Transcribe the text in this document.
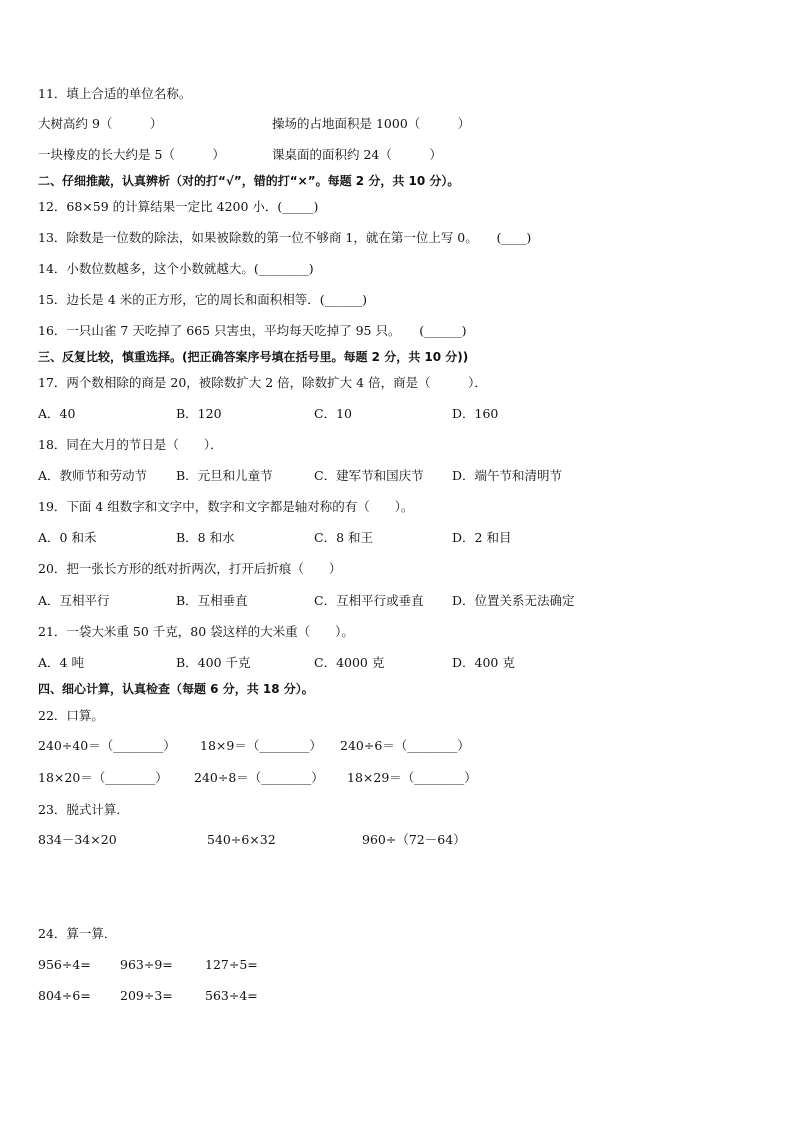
11．填上合适的单位名称。
大树高约 9（　　　）	操场的占地面积是 1000（　　　）
一块橡皮的长大约是 5（　　　）	课桌面的面积约 24（　　　）
二、仔细推敲，认真辨析（对的打“√”，错的打“×”。每题 2 分，共 10 分）。
12．68×59 的计算结果一定比 4200 小．(_____)
13．除数是一位数的除法，如果被除数的第一位不够商 1，就在第一位上写 0。　　(____)
14．小数位数越多，这个小数就越大。(________)
15．边长是 4 米的正方形，它的周长和面积相等．(______)
16．一只山雀 7 天吃掉了 665 只害虫，平均每天吃掉了 95 只。　　(______)
三、反复比较，慎重选择。(把正确答案序号填在括号里。每题 2 分，共 10 分))
17．两个数相除的商是 20，被除数扩大 2 倍，除数扩大 4 倍，商是（　　　）．
A．40	B．120	C．10	D．160
18．同在大月的节日是（　　）．
A．教师节和劳动节 B．元旦和儿童节	C．建军节和国庆节 D．端午节和清明节
19．下面 4 组数字和文字中，数字和文字都是轴对称的有（　　）。
A．0 和禾	B．8 和水	C．8 和王	D．2 和目
20．把一张长方形的纸对折两次，打开后折痕（　　）
A．互相平行	B．互相垂直	C．互相平行或垂直 D．位置关系无法确定
21．一袋大米重 50 千克，80 袋这样的大米重（　　）。
A．4 吨	B．400 千克	C．4000 克	D．400 克
四、细心计算，认真检查（每题 6 分，共 18 分）。
22．口算。
240÷40＝（________） 18×9＝（________） 240÷6＝（________）
18×20＝（________） 240÷8＝（________） 18×29＝（________）
23．脱式计算．
834－34×20	540÷6×32	960÷（72－64）
24．算一算．
956÷4= 963÷9=	127÷5=
804÷6= 209÷3=	563÷4=
